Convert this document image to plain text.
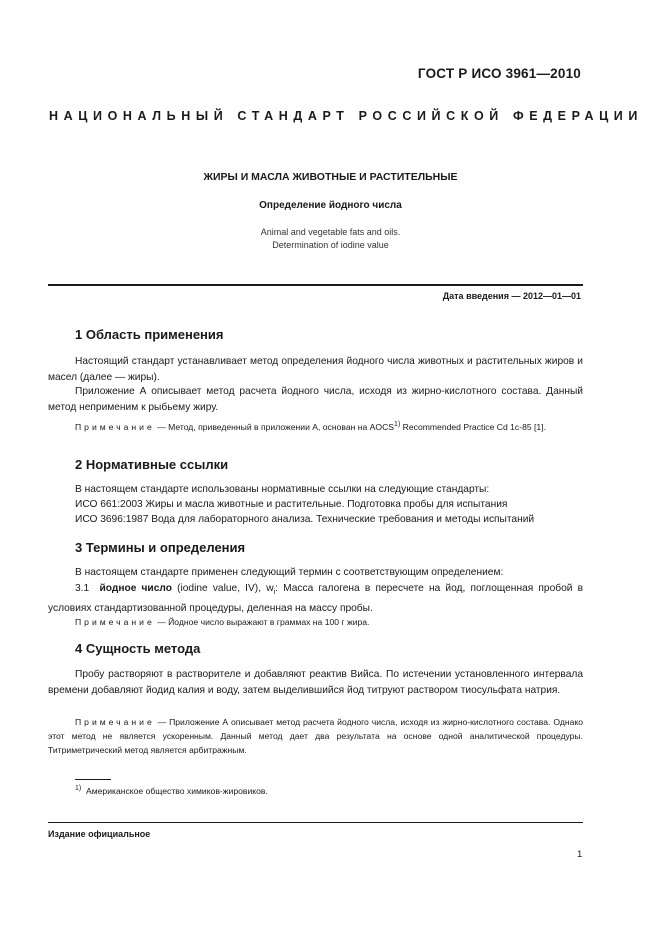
ГОСТ Р ИСО 3961—2010
НАЦИОНАЛЬНЫЙ СТАНДАРТ РОССИЙСКОЙ ФЕДЕРАЦИИ
ЖИРЫ И МАСЛА ЖИВОТНЫЕ И РАСТИТЕЛЬНЫЕ
Определение йодного числа
Animal and vegetable fats and oils.
Determination of iodine value
Дата введения — 2012—01—01
1 Область применения
Настоящий стандарт устанавливает метод определения йодного числа животных и растительных жиров и масел (далее — жиры).
Приложение А описывает метод расчета йодного числа, исходя из жирно-кислотного состава. Данный метод неприменим к рыбьему жиру.
Примечание — Метод, приведенный в приложении А, основан на AOCS$^{1)}$ Recommended Practice Cd 1c-85 [1].
2 Нормативные ссылки
В настоящем стандарте использованы нормативные ссылки на следующие стандарты:
ИСО 661:2003 Жиры и масла животные и растительные. Подготовка пробы для испытания
ИСО 3696:1987 Вода для лабораторного анализа. Технические требования и методы испытаний
3 Термины и определения
В настоящем стандарте применен следующий термин с соответствующим определением:
3.1 йодное число (iodine value, IV), $w_i$: Масса галогена в пересчете на йод, поглощенная пробой в условиях стандартизованной процедуры, деленная на массу пробы.
Примечание — Йодное число выражают в граммах на 100 г жира.
4 Сущность метода
Пробу растворяют в растворителе и добавляют реактив Вийса. По истечении установленного интервала времени добавляют йодид калия и воду, затем выделившийся йод титруют раствором тиосульфата натрия.
Примечание — Приложение А описывает метод расчета йодного числа, исходя из жирно-кислотного состава. Однако этот метод не является ускоренным. Данный метод дает два результата на основе одной аналитической процедуры. Титриметрический метод является арбитражным.
$^{1)}$ Американское общество химиков-жировиков.
Издание официальное
1
